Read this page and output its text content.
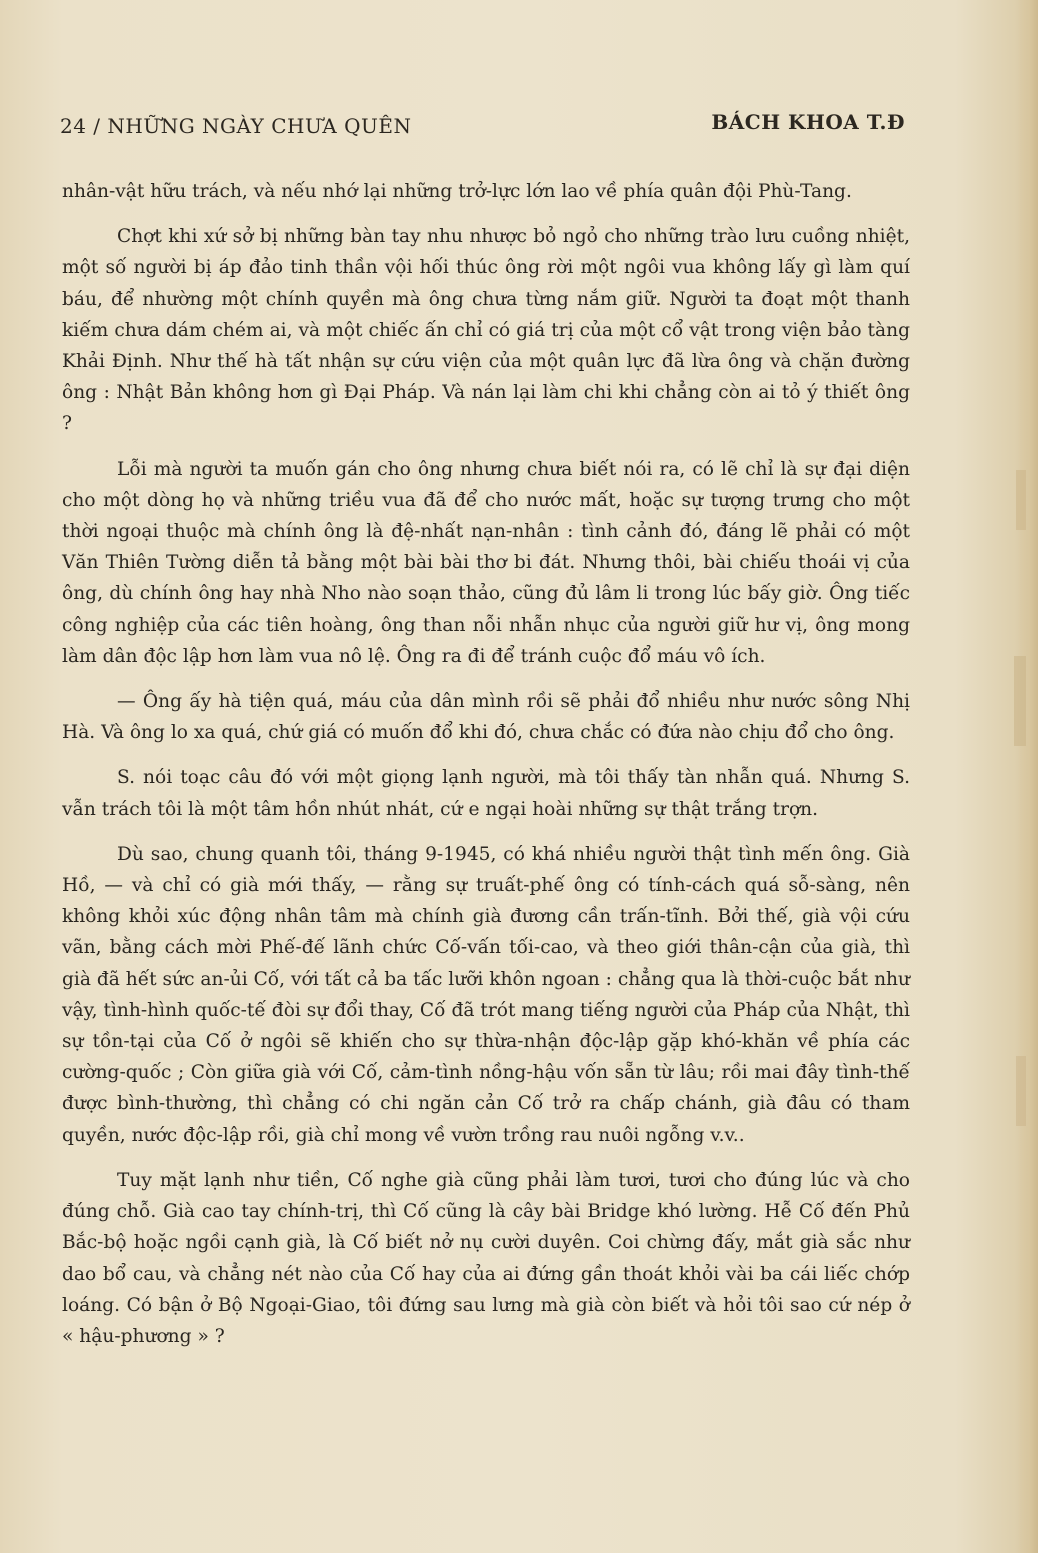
24 / NHỮNG NGÀY CHƯA QUÊN	BÁCH KHOA T.Đ

nhân-vật hữu trách, và nếu nhớ lại những trở-lực lớn lao về phía quân đội Phù-Tang.

Chợt khi xứ sở bị những bàn tay nhu nhược bỏ ngỏ cho những trào lưu cuồng nhiệt, một số người bị áp đảo tinh thần vội hối thúc ông rời một ngôi vua không lấy gì làm quí báu, để nhường một chính quyền mà ông chưa từng nắm giữ. Người ta đoạt một thanh kiếm chưa dám chém ai, và một chiếc ấn chỉ có giá trị của một cổ vật trong viện bảo tàng Khải Định. Như thế hà tất nhận sự cứu viện của một quân lực đã lừa ông và chặn đường ông : Nhật Bản không hơn gì Đại Pháp. Và nán lại làm chi khi chẳng còn ai tỏ ý thiết ông ?

Lỗi mà người ta muốn gán cho ông nhưng chưa biết nói ra, có lẽ chỉ là sự đại diện cho một dòng họ và những triều vua đã để cho nước mất, hoặc sự tượng trưng cho một thời ngoại thuộc mà chính ông là đệ-nhất nạn-nhân : tình cảnh đó, đáng lẽ phải có một Văn Thiên Tường diễn tả bằng một bài bài thơ bi đát. Nhưng thôi, bài chiếu thoái vị của ông, dù chính ông hay nhà Nho nào soạn thảo, cũng đủ lâm li trong lúc bấy giờ. Ông tiếc công nghiệp của các tiên hoàng, ông than nỗi nhẫn nhục của người giữ hư vị, ông mong làm dân độc lập hơn làm vua nô lệ. Ông ra đi để tránh cuộc đổ máu vô ích.

— Ông ấy hà tiện quá, máu của dân mình rồi sẽ phải đổ nhiều như nước sông Nhị Hà. Và ông lo xa quá, chứ giá có muốn đổ khi đó, chưa chắc có đứa nào chịu đổ cho ông.

S. nói toạc câu đó với một giọng lạnh người, mà tôi thấy tàn nhẫn quá. Nhưng S. vẫn trách tôi là một tâm hồn nhút nhát, cứ e ngại hoài những sự thật trắng trợn.

Dù sao, chung quanh tôi, tháng 9-1945, có khá nhiều người thật tình mến ông. Già Hồ, — và chỉ có già mới thấy, — rằng sự truất-phế ông có tính-cách quá sỗ-sàng, nên không khỏi xúc động nhân tâm mà chính già đương cần trấn-tĩnh. Bởi thế, già vội cứu vãn, bằng cách mời Phế-đế lãnh chức Cố-vấn tối-cao, và theo giới thân-cận của già, thì già đã hết sức an-ủi Cố, với tất cả ba tấc lưỡi khôn ngoan : chẳng qua là thời-cuộc bắt như vậy, tình-hình quốc-tế đòi sự đổi thay, Cố đã trót mang tiếng người của Pháp của Nhật, thì sự tồn-tại của Cố ở ngôi sẽ khiến cho sự thừa-nhận độc-lập gặp khó-khăn về phía các cường-quốc ; Còn giữa già với Cố, cảm-tình nồng-hậu vốn sẵn từ lâu; rồi mai đây tình-thế được bình-thường, thì chẳng có chi ngăn cản Cố trở ra chấp chánh, già đâu có tham quyền, nước độc-lập rồi, già chỉ mong về vườn trồng rau nuôi ngỗng v.v..

Tuy mặt lạnh như tiền, Cố nghe già cũng phải làm tươi, tươi cho đúng lúc và cho đúng chỗ. Già cao tay chính-trị, thì Cố cũng là cây bài Bridge khó lường. Hễ Cố đến Phủ Bắc-bộ hoặc ngồi cạnh già, là Cố biết nở nụ cười duyên. Coi chừng đấy, mắt già sắc như dao bổ cau, và chẳng nét nào của Cố hay của ai đứng gần thoát khỏi vài ba cái liếc chớp loáng. Có bận ở Bộ Ngoại-Giao, tôi đứng sau lưng mà già còn biết và hỏi tôi sao cứ nép ở « hậu-phương » ?
